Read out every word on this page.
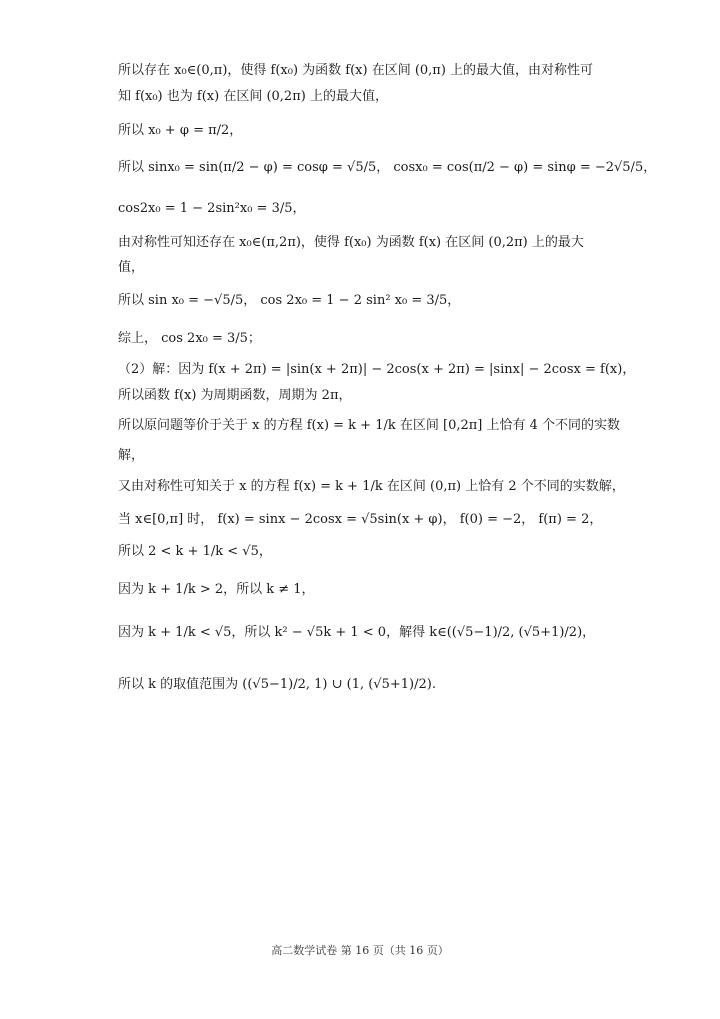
所以存在 x₀∈(0,π)，使得 f(x₀) 为函数 f(x) 在区间 (0,π) 上的最大值，由对称性可
知 f(x₀) 也为 f(x) 在区间 (0,2π) 上的最大值，
所以 x₀ + φ = π/2，
所以 sinx₀ = sin(π/2 − φ) = cosφ = √5/5， cosx₀ = cos(π/2 − φ) = sinφ = −2√5/5，
cos2x₀ = 1 − 2sin²x₀ = 3/5，
由对称性可知还存在 x₀∈(π,2π)，使得 f(x₀) 为函数 f(x) 在区间 (0,2π) 上的最大
值，
所以 sin x₀ = −√5/5， cos 2x₀ = 1 − 2 sin² x₀ = 3/5，
综上， cos 2x₀ = 3/5；
（2）解：因为 f(x + 2π) = |sin(x + 2π)| − 2cos(x + 2π) = |sinx| − 2cosx = f(x)，
所以函数 f(x) 为周期函数，周期为 2π，
所以原问题等价于关于 x 的方程 f(x) = k + 1/k 在区间 [0,2π] 上恰有 4 个不同的实数
解，
又由对称性可知关于 x 的方程 f(x) = k + 1/k 在区间 (0,π) 上恰有 2 个不同的实数解，
当 x∈[0,π] 时， f(x) = sinx − 2cosx = √5sin(x + φ)， f(0) = −2， f(π) = 2，
所以 2 < k + 1/k < √5，
因为 k + 1/k > 2，所以 k ≠ 1，
因为 k + 1/k < √5，所以 k² − √5k + 1 < 0，解得 k∈((√5−1)/2, (√5+1)/2)，
所以 k 的取值范围为 ((√5−1)/2, 1) ∪ (1, (√5+1)/2).
高二数学试卷 第 16 页（共 16 页）
